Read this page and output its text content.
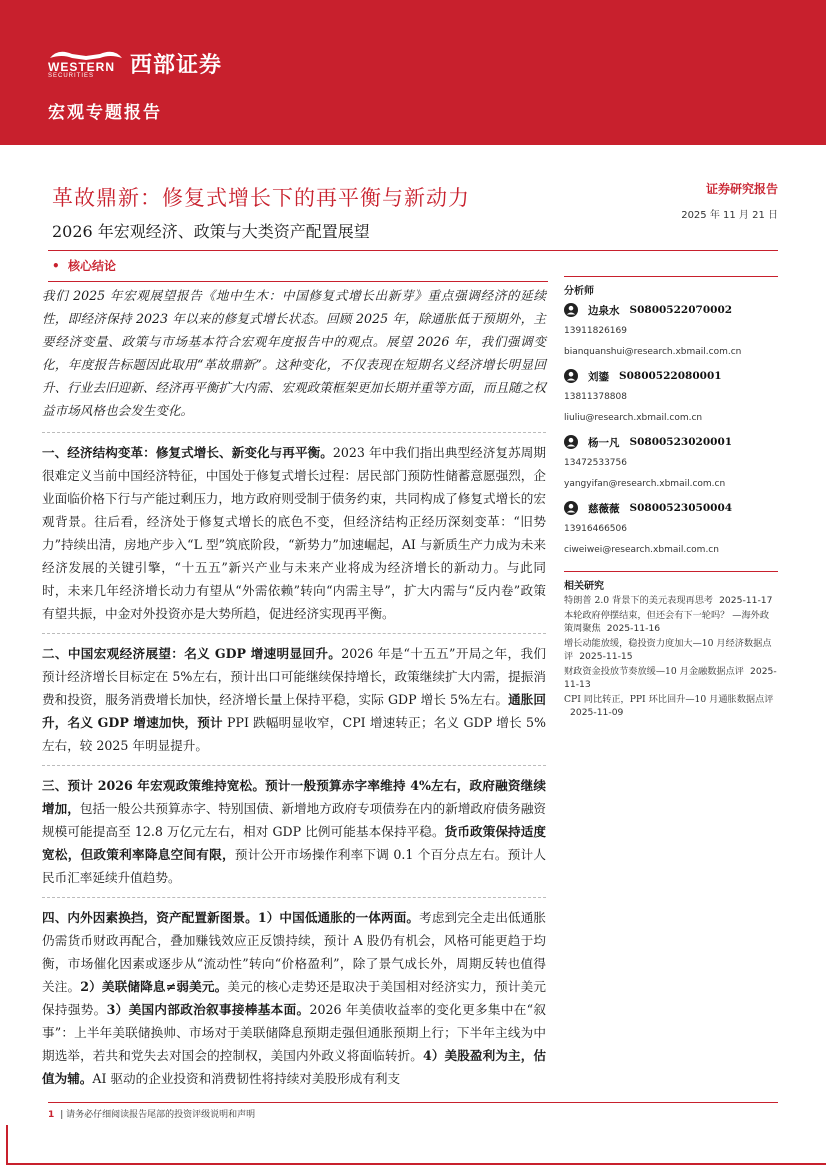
WESTERN
SECURITIES 西部证券
宏观专题报告
革故鼎新：修复式增长下的再平衡与新动力
2026 年宏观经济、政策与大类资产配置展望
证券研究报告
2025 年 11 月 21 日
• 核心结论

我们 2025 年宏观展望报告《地中生木：中国修复式增长出新芽》重点强调经济的延续性，即经济保持 2023 年以来的修复式增长状态。回顾 2025 年，除通胀低于预期外，主要经济变量、政策与市场基本符合宏观年度报告中的观点。展望 2026 年，我们强调变化，年度报告标题因此取用“革故鼎新”。这种变化，不仅表现在短期名义经济增长明显回升、行业去旧迎新、经济再平衡扩大内需、宏观政策框架更加长期并重等方面，而且随之权益市场风格也会发生变化。

一、经济结构变革：修复式增长、新变化与再平衡。2023 年中我们指出典型经济复苏周期很难定义当前中国经济特征，中国处于修复式增长过程：居民部门预防性储蓄意愿强烈，企业面临价格下行与产能过剩压力，地方政府则受制于债务约束，共同构成了修复式增长的宏观背景。往后看，经济处于修复式增长的底色不变，但经济结构正经历深刻变革：“旧势力”持续出清，房地产步入“L 型”筑底阶段，“新势力”加速崛起，AI 与新质生产力成为未来经济发展的关键引擎，“十五五”新兴产业与未来产业将成为经济增长的新动力。与此同时，未来几年经济增长动力有望从“外需依赖”转向“内需主导”，扩大内需与“反内卷”政策有望共振，中金对外投资亦是大势所趋，促进经济实现再平衡。

二、中国宏观经济展望：名义 GDP 增速明显回升。2026 年是“十五五”开局之年，我们预计经济增长目标定在 5%左右，预计出口可能继续保持增长，政策继续扩大内需，提振消费和投资，服务消费增长加快，经济增长量上保持平稳，实际 GDP 增长 5%左右。通胀回升，名义 GDP 增速加快，预计 PPI 跌幅明显收窄，CPI 增速转正；名义 GDP 增长 5%左右，较 2025 年明显提升。

三、预计 2026 年宏观政策维持宽松。预计一般预算赤字率维持 4%左右，政府融资继续增加，包括一般公共预算赤字、特别国债、新增地方政府专项债券在内的新增政府债务融资规模可能提高至 12.8 万亿元左右，相对 GDP 比例可能基本保持平稳。货币政策保持适度宽松，但政策利率降息空间有限，预计公开市场操作利率下调 0.1 个百分点左右。预计人民币汇率延续升值趋势。

四、内外因素换挡，资产配置新图景。1）中国低通胀的一体两面。考虑到完全走出低通胀仍需货币财政再配合，叠加赚钱效应正反馈持续，预计 A 股仍有机会，风格可能更趋于均衡，市场催化因素或逐步从“流动性”转向“价格盈利”，除了景气成长外，周期反转也值得关注。2）美联储降息≠弱美元。美元的核心走势还是取决于美国相对经济实力，预计美元保持强势。3）美国内部政治叙事接棒基本面。2026 年美债收益率的变化更多集中在“叙事”：上半年美联储换帅、市场对于美联储降息预期走强但通胀预期上行；下半年主线为中期选举，若共和党失去对国会的控制权，美国内外政义将面临转折。4）美股盈利为主，估值为辅。AI 驱动的企业投资和消费韧性将持续对美股形成有利支

分析师
边泉水 S0800522070002
13911826169
bianquanshui@research.xbmail.com.cn
刘鎏 S0800522080001
13811378808
liuliu@research.xbmail.com.cn
杨一凡 S0800523020001
13472533756
yangyifan@research.xbmail.com.cn
慈薇薇 S0800523050004
13916466506
ciweiwei@research.xbmail.com.cn
相关研究
特朗普 2.0 背景下的美元表现再思考 2025-11-17
本轮政府停摆结束，但还会有下一轮吗？ —海外政策周聚焦 2025-11-16
增长动能放缓，稳投资力度加大—10 月经济数据点评 2025-11-15
财政资金投放节奏放缓—10 月金融数据点评 2025-11-13
CPI 同比转正，PPI 环比回升—10 月通胀数据点评2025-11-09
1 | 请务必仔细阅读报告尾部的投资评级说明和声明
